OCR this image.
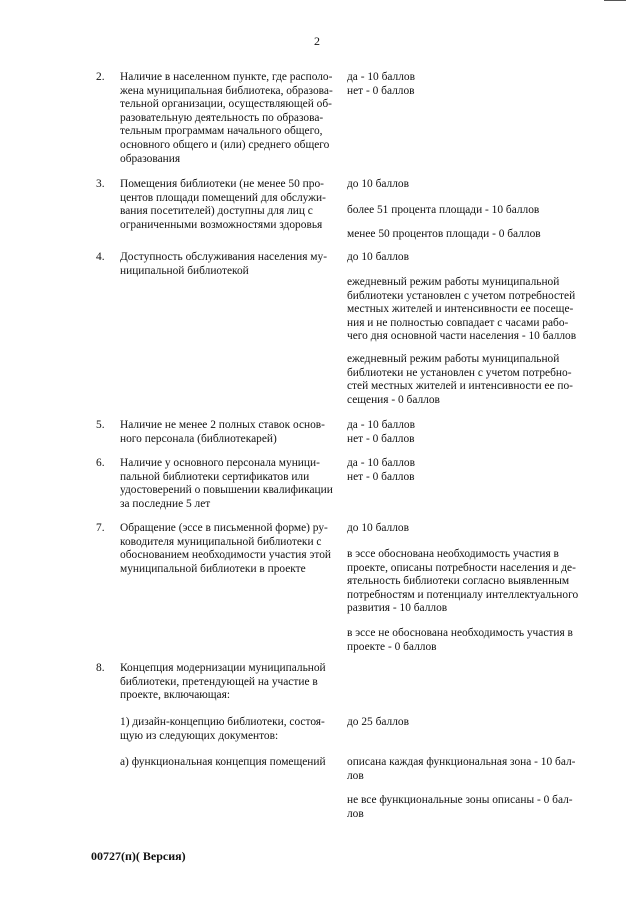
2
2. Наличие в населенном пункте, где располо-
жена муниципальная библиотека, образова-
тельной организации, осуществляющей об-
разовательную деятельность по образова-
тельным программам начального общего,
основного общего и (или) среднего общего
образования
да - 10 баллов
нет - 0 баллов
3. Помещения библиотеки (не менее 50 про-
центов площади помещений для обслужи-
вания посетителей) доступны для лиц с
ограниченными возможностями здоровья
до 10 баллов
более 51 процента площади - 10 баллов
менее 50 процентов площади - 0 баллов
4. Доступность обслуживания населения му-
ниципальной библиотекой
до 10 баллов
ежедневный режим работы муниципальной
библиотеки установлен с учетом потребностей
местных жителей и интенсивности ее посеще-
ния и не полностью совпадает с часами рабо-
чего дня основной части населения - 10 баллов
ежедневный режим работы муниципальной
библиотеки не установлен с учетом потребно-
стей местных жителей и интенсивности ее по-
сещения - 0 баллов
5. Наличие не менее 2 полных ставок основ-
ного персонала (библиотекарей)
да - 10 баллов
нет - 0 баллов
6. Наличие у основного персонала муници-
пальной библиотеки сертификатов или
удостоверений о повышении квалификации
за последние 5 лет
да - 10 баллов
нет - 0 баллов
7. Обращение (эссе в письменной форме) ру-
ководителя муниципальной библиотеки с
обоснованием необходимости участия этой
муниципальной библиотеки в проекте
до 10 баллов
в эссе обоснована необходимость участия в
проекте, описаны потребности населения и де-
ятельность библиотеки согласно выявленным
потребностям и потенциалу интеллектуального
развития - 10 баллов
в эссе не обоснована необходимость участия в
проекте - 0 баллов
8. Концепция модернизации муниципальной
библиотеки, претендующей на участие в
проекте, включающая:
1) дизайн-концепцию библиотеки, состоя-
щую из следующих документов:
до 25 баллов
а) функциональная концепция помещений	описана каждая функциональная зона - 10 бал-
лов
не все функциональные зоны описаны - 0 бал-
лов
00727(п)( Версия)
